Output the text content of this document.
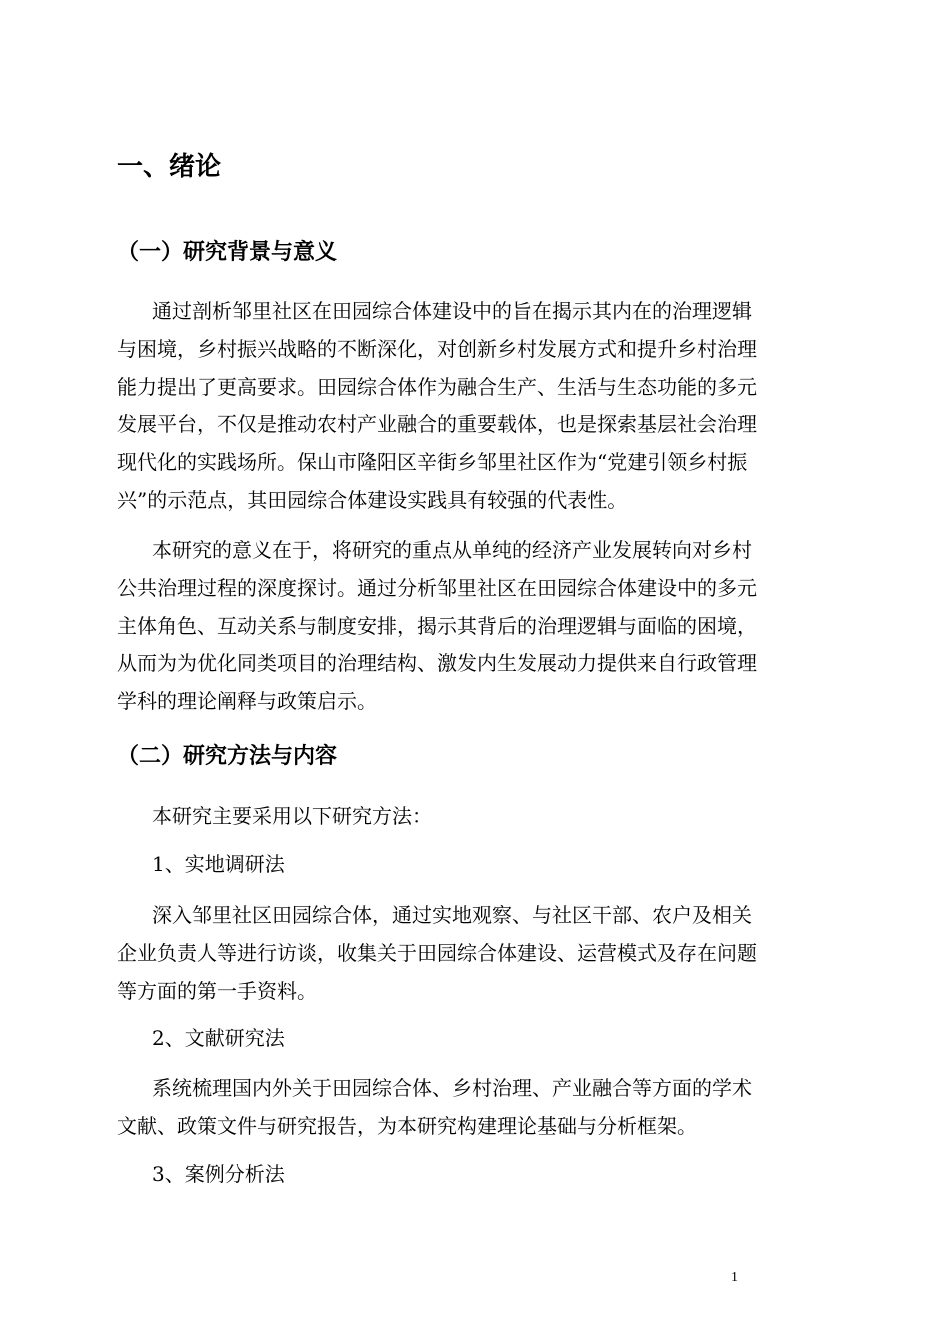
一、绪论
（一）研究背景与意义
通过剖析邹里社区在田园综合体建设中的旨在揭示其内在的治理逻辑
与困境，乡村振兴战略的不断深化，对创新乡村发展方式和提升乡村治理
能力提出了更高要求。田园综合体作为融合生产、生活与生态功能的多元
发展平台，不仅是推动农村产业融合的重要载体，也是探索基层社会治理
现代化的实践场所。保山市隆阳区辛街乡邹里社区作为“党建引领乡村振
兴”的示范点，其田园综合体建设实践具有较强的代表性。
本研究的意义在于，将研究的重点从单纯的经济产业发展转向对乡村
公共治理过程的深度探讨。通过分析邹里社区在田园综合体建设中的多元
主体角色、互动关系与制度安排，揭示其背后的治理逻辑与面临的困境，
从而为为优化同类项目的治理结构、激发内生发展动力提供来自行政管理
学科的理论阐释与政策启示。
（二）研究方法与内容
本研究主要采用以下研究方法：
1、实地调研法
深入邹里社区田园综合体，通过实地观察、与社区干部、农户及相关
企业负责人等进行访谈，收集关于田园综合体建设、运营模式及存在问题
等方面的第一手资料。
2、文献研究法
系统梳理国内外关于田园综合体、乡村治理、产业融合等方面的学术
文献、政策文件与研究报告，为本研究构建理论基础与分析框架。
3、案例分析法
1
